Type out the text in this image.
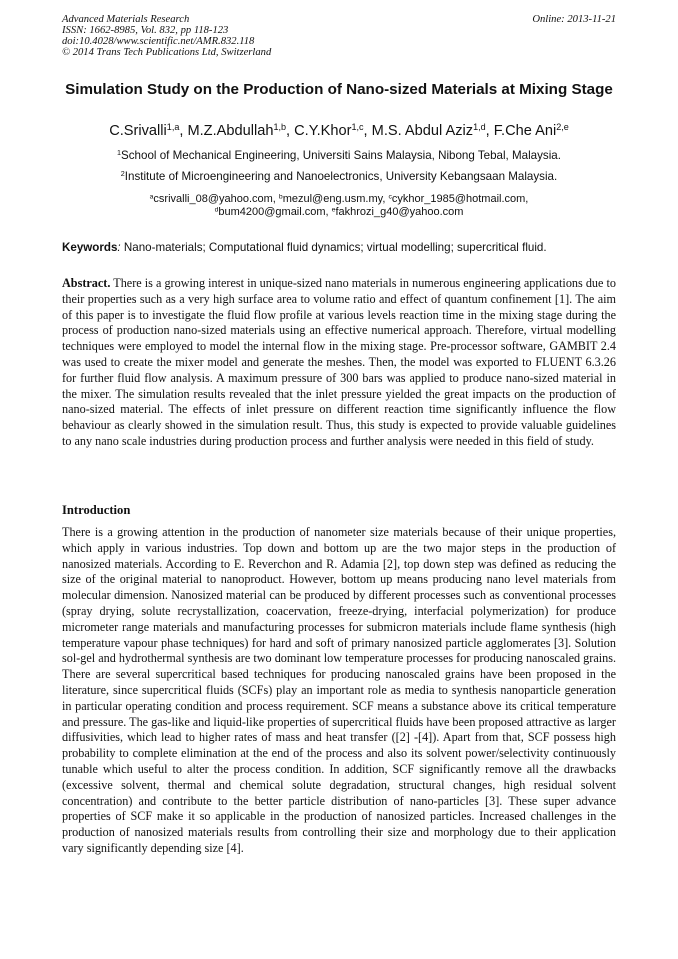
Advanced Materials Research
ISSN: 1662-8985, Vol. 832, pp 118-123
doi:10.4028/www.scientific.net/AMR.832.118
© 2014 Trans Tech Publications Ltd, Switzerland
Online: 2013-11-21
Simulation Study on the Production of Nano-sized Materials at Mixing Stage
C.Srivalli$^{1,a}$, M.Z.Abdullah$^{1,b}$, C.Y.Khor$^{1,c}$, M.S. Abdul Aziz$^{1,d}$, F.Che Ani$^{2,e}$
$^1$School of Mechanical Engineering, Universiti Sains Malaysia, Nibong Tebal, Malaysia.
$^2$Institute of Microengineering and Nanoelectronics, University Kebangsaan Malaysia.
$^a$csrivalli_08@yahoo.com, $^b$mezul@eng.usm.my, $^c$cykhor_1985@hotmail.com,
$^d$bum4200@gmail.com, $^e$fakhrozi_g40@yahoo.com
Keywords: Nano-materials; Computational fluid dynamics; virtual modelling; supercritical fluid.
Abstract. There is a growing interest in unique-sized nano materials in numerous engineering applications due to their properties such as a very high surface area to volume ratio and effect of quantum confinement [1]. The aim of this paper is to investigate the fluid flow profile at various levels reaction time in the mixing stage during the process of production nano-sized materials using an effective numerical approach. Therefore, virtual modelling techniques were employed to model the internal flow in the mixing stage. Pre-processor software, GAMBIT 2.4 was used to create the mixer model and generate the meshes. Then, the model was exported to FLUENT 6.3.26 for further fluid flow analysis. A maximum pressure of 300 bars was applied to produce nano-sized material in the mixer. The simulation results revealed that the inlet pressure yielded the great impacts on the production of nano-sized material. The effects of inlet pressure on different reaction time significantly influence the flow behaviour as clearly showed in the simulation result. Thus, this study is expected to provide valuable guidelines to any nano scale industries during production process and further analysis were needed in this field of study.
Introduction
There is a growing attention in the production of nanometer size materials because of their unique properties, which apply in various industries. Top down and bottom up are the two major steps in the production of nanosized materials. According to E. Reverchon and R. Adamia [2], top down step was defined as reducing the size of the original material to nanoproduct. However, bottom up means producing nano level materials from molecular dimension. Nanosized material can be produced by different processes such as conventional processes (spray drying, solute recrystallization, coacervation, freeze-drying, interfacial polymerization) for produce micrometer range materials and manufacturing processes for submicron materials include flame synthesis (high temperature vapour phase techniques) for hard and soft of primary nanosized particle agglomerates [3]. Solution sol-gel and hydrothermal synthesis are two dominant low temperature processes for producing nanoscaled grains. There are several supercritical based techniques for producing nanoscaled grains have been proposed in the literature, since supercritical fluids (SCFs) play an important role as media to synthesis nanoparticle generation in particular operating condition and process requirement. SCF means a substance above its critical temperature and pressure. The gas-like and liquid-like properties of supercritical fluids have been proposed attractive as larger diffusivities, which lead to higher rates of mass and heat transfer ([2] -[4]). Apart from that, SCF possess high probability to complete elimination at the end of the process and also its solvent power/selectivity continuously tunable which useful to alter the process condition. In addition, SCF significantly remove all the drawbacks (excessive solvent, thermal and chemical solute degradation, structural changes, high residual solvent concentration) and contribute to the better particle distribution of nano-particles [3]. These super advance properties of SCF make it so applicable in the production of nanosized particles. Increased challenges in the production of nanosized materials results from controlling their size and morphology due to their application vary significantly depending size [4].
